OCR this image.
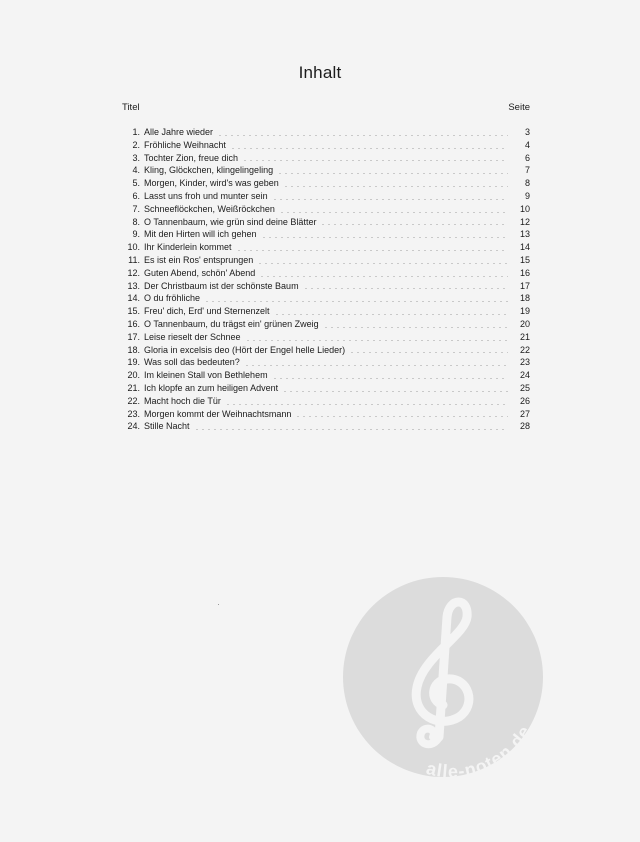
Inhalt
Titel	Seite
1. Alle Jahre wieder	3
2. Fröhliche Weihnacht	4
3. Tochter Zion, freue dich	6
4. Kling, Glöckchen, klingelingeling	7
5. Morgen, Kinder, wird's was geben	8
6. Lasst uns froh und munter sein	9
7. Schneeflöckchen, Weißröckchen	10
8. O Tannenbaum, wie grün sind deine Blätter	12
9. Mit den Hirten will ich gehen	13
10. Ihr Kinderlein kommet	14
11. Es ist ein Ros' entsprungen	15
12. Guten Abend, schön' Abend	16
13. Der Christbaum ist der schönste Baum	17
14. O du fröhliche	18
15. Freu' dich, Erd' und Sternenzelt	19
16. O Tannenbaum, du trägst ein' grünen Zweig	20
17. Leise rieselt der Schnee	21
18. Gloria in excelsis deo (Hört der Engel helle Lieder)	22
19. Was soll das bedeuten?	23
20. Im kleinen Stall von Bethlehem	24
21. Ich klopfe an zum heiligen Advent	25
22. Macht hoch die Tür	26
23. Morgen kommt der Weihnachtsmann	27
24. Stille Nacht	28
alle-noten.de
